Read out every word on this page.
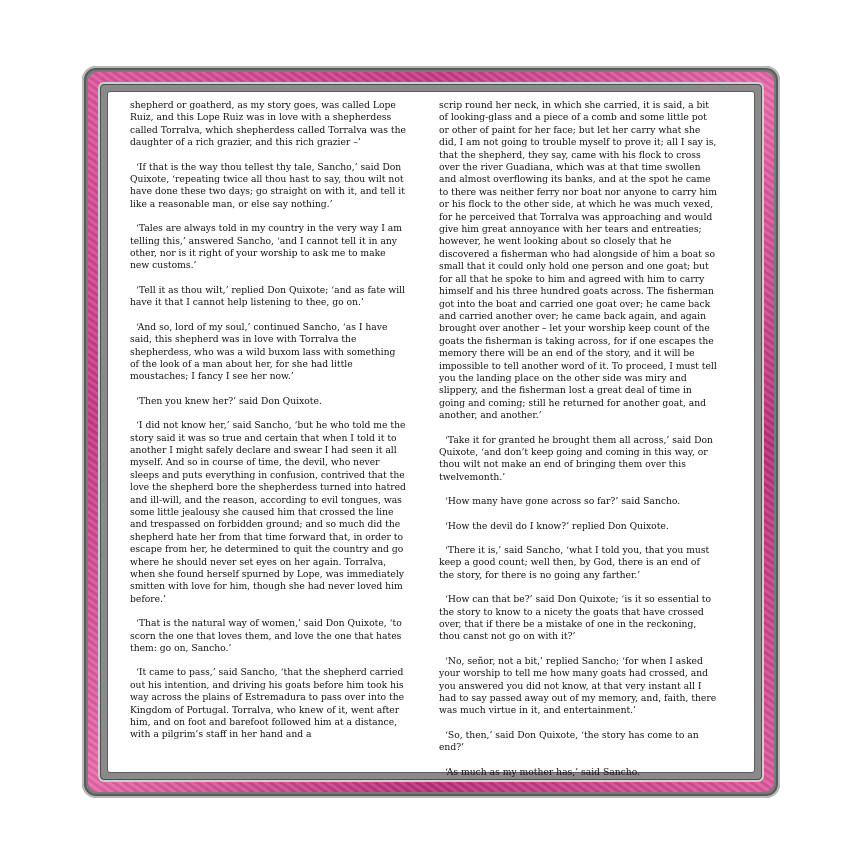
shepherd or goatherd, as my story goes, was called Lope Ruiz, and this Lope Ruiz was in love with a shepherdess called Torralva, which shepherdess called Torralva was the daughter of a rich grazier, and this rich grazier –’

‘If that is the way thou tellest thy tale, Sancho,’ said Don Quixote, ‘repeating twice all thou hast to say, thou wilt not have done these two days; go straight on with it, and tell it like a reasonable man, or else say nothing.’

‘Tales are always told in my country in the very way I am telling this,’ answered Sancho, ‘and I cannot tell it in any other, nor is it right of your worship to ask me to make new customs.’

‘Tell it as thou wilt,’ replied Don Quixote; ‘and as fate will have it that I cannot help listening to thee, go on.’

‘And so, lord of my soul,’ continued Sancho, ‘as I have said, this shepherd was in love with Torralva the shepherdess, who was a wild buxom lass with something of the look of a man about her, for she had little moustaches; I fancy I see her now.’

‘Then you knew her?’ said Don Quixote.

‘I did not know her,’ said Sancho, ‘but he who told me the story said it was so true and certain that when I told it to another I might safely declare and swear I had seen it all myself. And so in course of time, the devil, who never sleeps and puts everything in confusion, contrived that the love the shepherd bore the shepherdess turned into hatred and ill-will, and the reason, according to evil tongues, was some little jealousy she caused him that crossed the line and trespassed on forbidden ground; and so much did the shepherd hate her from that time forward that, in order to escape from her, he determined to quit the country and go where he should never set eyes on her again. Torralva, when she found herself spurned by Lope, was immediately smitten with love for him, though she had never loved him before.’

‘That is the natural way of women,’ said Don Quixote, ‘to scorn the one that loves them, and love the one that hates them: go on, Sancho.’

‘It came to pass,’ said Sancho, ‘that the shepherd carried out his intention, and driving his goats before him took his way across the plains of Estremadura to pass over into the Kingdom of Portugal. Torralva, who knew of it, went after him, and on foot and barefoot followed him at a distance, with a pilgrim’s staff in her hand and a

scrip round her neck, in which she carried, it is said, a bit of looking-glass and a piece of a comb and some little pot or other of paint for her face; but let her carry what she did, I am not going to trouble myself to prove it; all I say is, that the shepherd, they say, came with his flock to cross over the river Guadiana, which was at that time swollen and almost overflowing its banks, and at the spot he came to there was neither ferry nor boat nor anyone to carry him or his flock to the other side, at which he was much vexed, for he perceived that Torralva was approaching and would give him great annoyance with her tears and entreaties; however, he went looking about so closely that he discovered a fisherman who had alongside of him a boat so small that it could only hold one person and one goat; but for all that he spoke to him and agreed with him to carry himself and his three hundred goats across. The fisherman got into the boat and carried one goat over; he came back and carried another over; he came back again, and again brought over another – let your worship keep count of the goats the fisherman is taking across, for if one escapes the memory there will be an end of the story, and it will be impossible to tell another word of it. To proceed, I must tell you the landing place on the other side was miry and slippery, and the fisherman lost a great deal of time in going and coming; still he returned for another goat, and another, and another.’

‘Take it for granted he brought them all across,’ said Don Quixote, ‘and don’t keep going and coming in this way, or thou wilt not make an end of bringing them over this twelvemonth.’

‘How many have gone across so far?’ said Sancho.

‘How the devil do I know?’ replied Don Quixote.

‘There it is,’ said Sancho, ‘what I told you, that you must keep a good count; well then, by God, there is an end of the story, for there is no going any farther.’

‘How can that be?’ said Don Quixote; ‘is it so essential to the story to know to a nicety the goats that have crossed over, that if there be a mistake of one in the reckoning, thou canst not go on with it?’

‘No, señor, not a bit,’ replied Sancho; ‘for when I asked your worship to tell me how many goats had crossed, and you answered you did not know, at that very instant all I had to say passed away out of my memory, and, faith, there was much virtue in it, and entertainment.’

‘So, then,’ said Don Quixote, ‘the story has come to an end?’

‘As much as my mother has,’ said Sancho.
